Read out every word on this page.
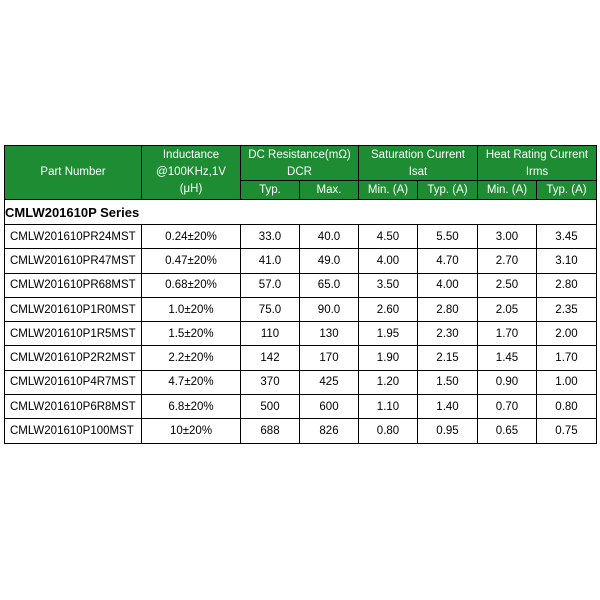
Part Number	Inductance	DC Resistance(mΩ)		Saturation Current		Heat Rating Current	
	@100KHz,1V	DCR		Isat		Irms	
	(μH)	Typ.	Max.	Min. (A)	Typ. (A)	Min. (A)	Typ. (A)
CMLW201610P Series							
CMLW201610PR24MST	0.24±20%	33.0	40.0	4.50	5.50	3.00	3.45
CMLW201610PR47MST	0.47±20%	41.0	49.0	4.00	4.70	2.70	3.10
CMLW201610PR68MST	0.68±20%	57.0	65.0	3.50	4.00	2.50	2.80
CMLW201610P1R0MST	1.0±20%	75.0	90.0	2.60	2.80	2.05	2.35
CMLW201610P1R5MST	1.5±20%	110	130	1.95	2.30	1.70	2.00
CMLW201610P2R2MST	2.2±20%	142	170	1.90	2.15	1.45	1.70
CMLW201610P4R7MST	4.7±20%	370	425	1.20	1.50	0.90	1.00
CMLW201610P6R8MST	6.8±20%	500	600	1.10	1.40	0.70	0.80
CMLW201610P100MST	10±20%	688	826	0.80	0.95	0.65	0.75
